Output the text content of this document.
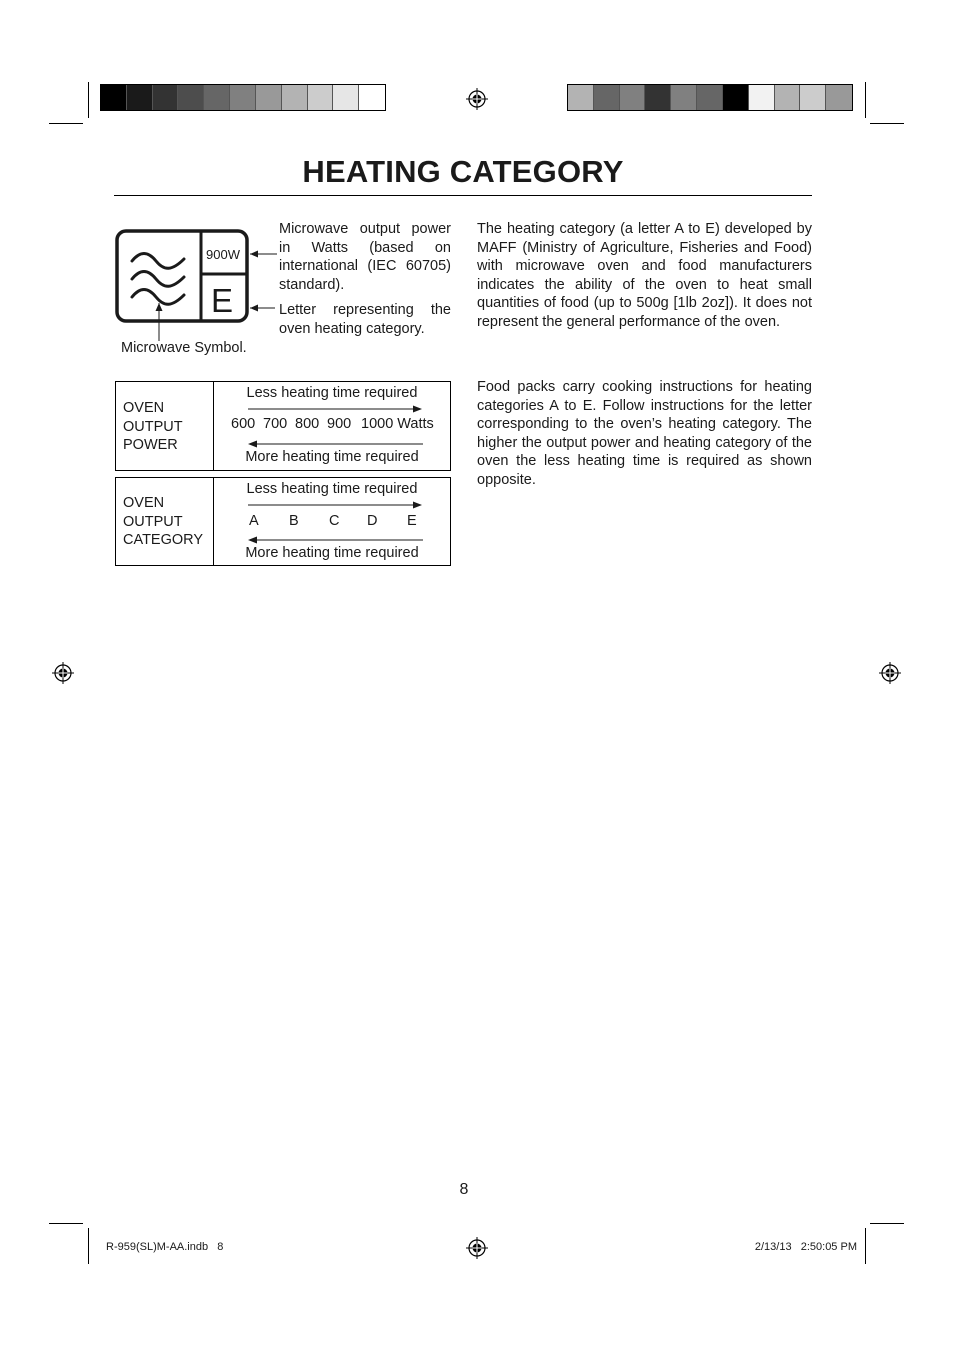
HEATING CATEGORY
900W
E
Microwave output power in Watts (based on international (IEC 60705) standard).
Letter representing the oven heating category.
Microwave Symbol.
The heating category (a letter A to E) developed by MAFF (Ministry of Agriculture, Fisheries and Food) with microwave oven and food manufacturers indicates the ability of the oven to heat small quantities of food (up to 500g [1lb 2oz]). It does not represent the general performance of the oven.
Food packs carry cooking instructions for heating categories A to E. Follow instructions for the letter corresponding to the oven’s heating category. The higher the output power and heating category of the oven the less heating time is required as shown opposite.
OVEN
OUTPUT
POWER
Less heating time required
600 700 800 900 1000 Watts
More heating time required
OVEN
OUTPUT
CATEGORY
Less heating time required
A B C D E
More heating time required
8
R-959(SL)M-AA.indb   8	2/13/13   2:50:05 PM
